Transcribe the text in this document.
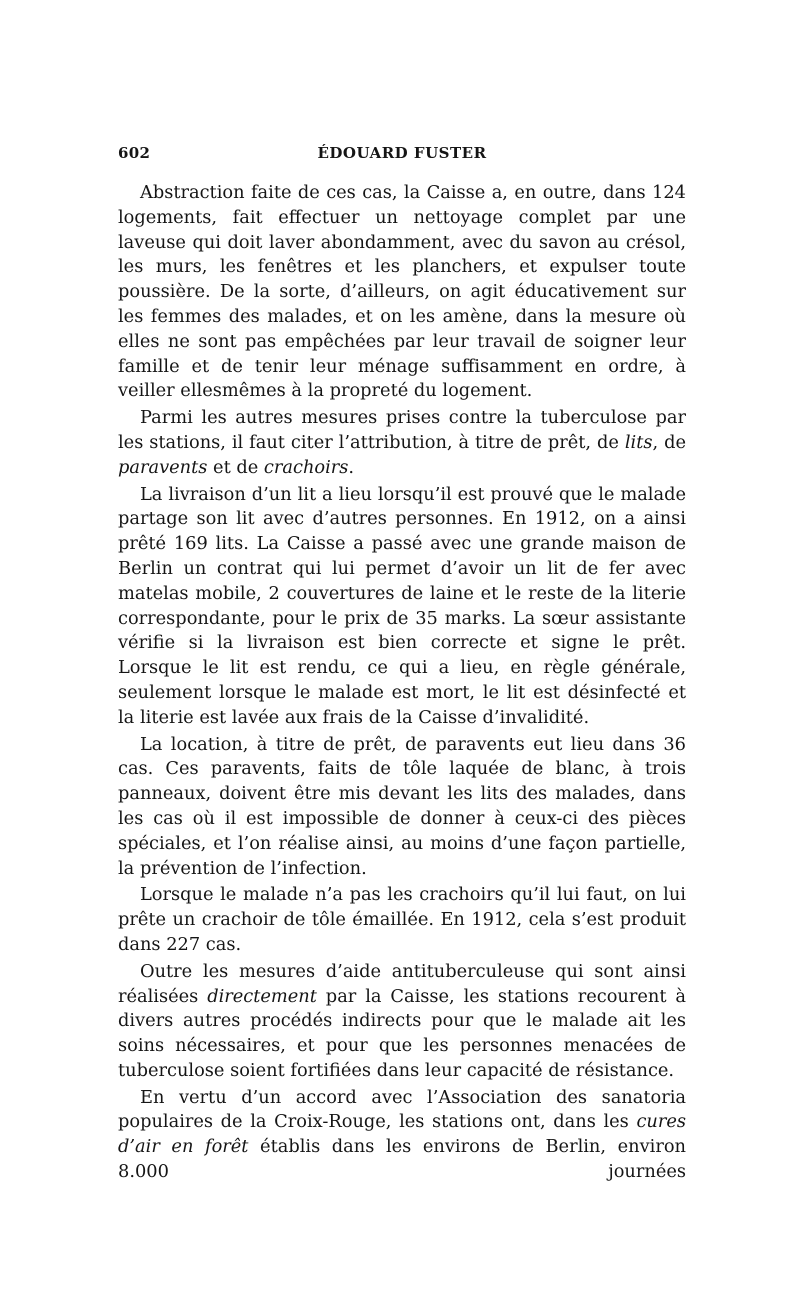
602	ÉDOUARD FUSTER

Abstraction faite de ces cas, la Caisse a, en outre, dans 124 logements, fait effectuer un nettoyage complet par une laveuse qui doit laver abondamment, avec du savon au crésol, les murs, les fenêtres et les planchers, et expulser toute poussière. De la sorte, d’ailleurs, on agit éducativement sur les femmes des malades, et on les amène, dans la mesure où elles ne sont pas empêchées par leur travail de soigner leur famille et de tenir leur ménage suffisamment en ordre, à veiller ellesmêmes à la propreté du logement.

Parmi les autres mesures prises contre la tuberculose par les stations, il faut citer l’attribution, à titre de prêt, de lits, de paravents et de crachoirs.

La livraison d’un lit a lieu lorsqu’il est prouvé que le malade partage son lit avec d’autres personnes. En 1912, on a ainsi prêté 169 lits. La Caisse a passé avec une grande maison de Berlin un contrat qui lui permet d’avoir un lit de fer avec matelas mobile, 2 couvertures de laine et le reste de la literie correspondante, pour le prix de 35 marks. La sœur assistante vérifie si la livraison est bien correcte et signe le prêt. Lorsque le lit est rendu, ce qui a lieu, en règle générale, seulement lorsque le malade est mort, le lit est désinfecté et la literie est lavée aux frais de la Caisse d’invalidité.

La location, à titre de prêt, de paravents eut lieu dans 36 cas. Ces paravents, faits de tôle laquée de blanc, à trois panneaux, doivent être mis devant les lits des malades, dans les cas où il est impossible de donner à ceux-ci des pièces spéciales, et l’on réalise ainsi, au moins d’une façon partielle, la prévention de l’infection.

Lorsque le malade n’a pas les crachoirs qu’il lui faut, on lui prête un crachoir de tôle émaillée. En 1912, cela s’est produit dans 227 cas.

Outre les mesures d’aide antituberculeuse qui sont ainsi réalisées directement par la Caisse, les stations recourent à divers autres procédés indirects pour que le malade ait les soins nécessaires, et pour que les personnes menacées de tuberculose soient fortifiées dans leur capacité de résistance.

En vertu d’un accord avec l’Association des sanatoria populaires de la Croix-Rouge, les stations ont, dans les cures d’air en forêt établis dans les environs de Berlin, environ 8.000 journées
